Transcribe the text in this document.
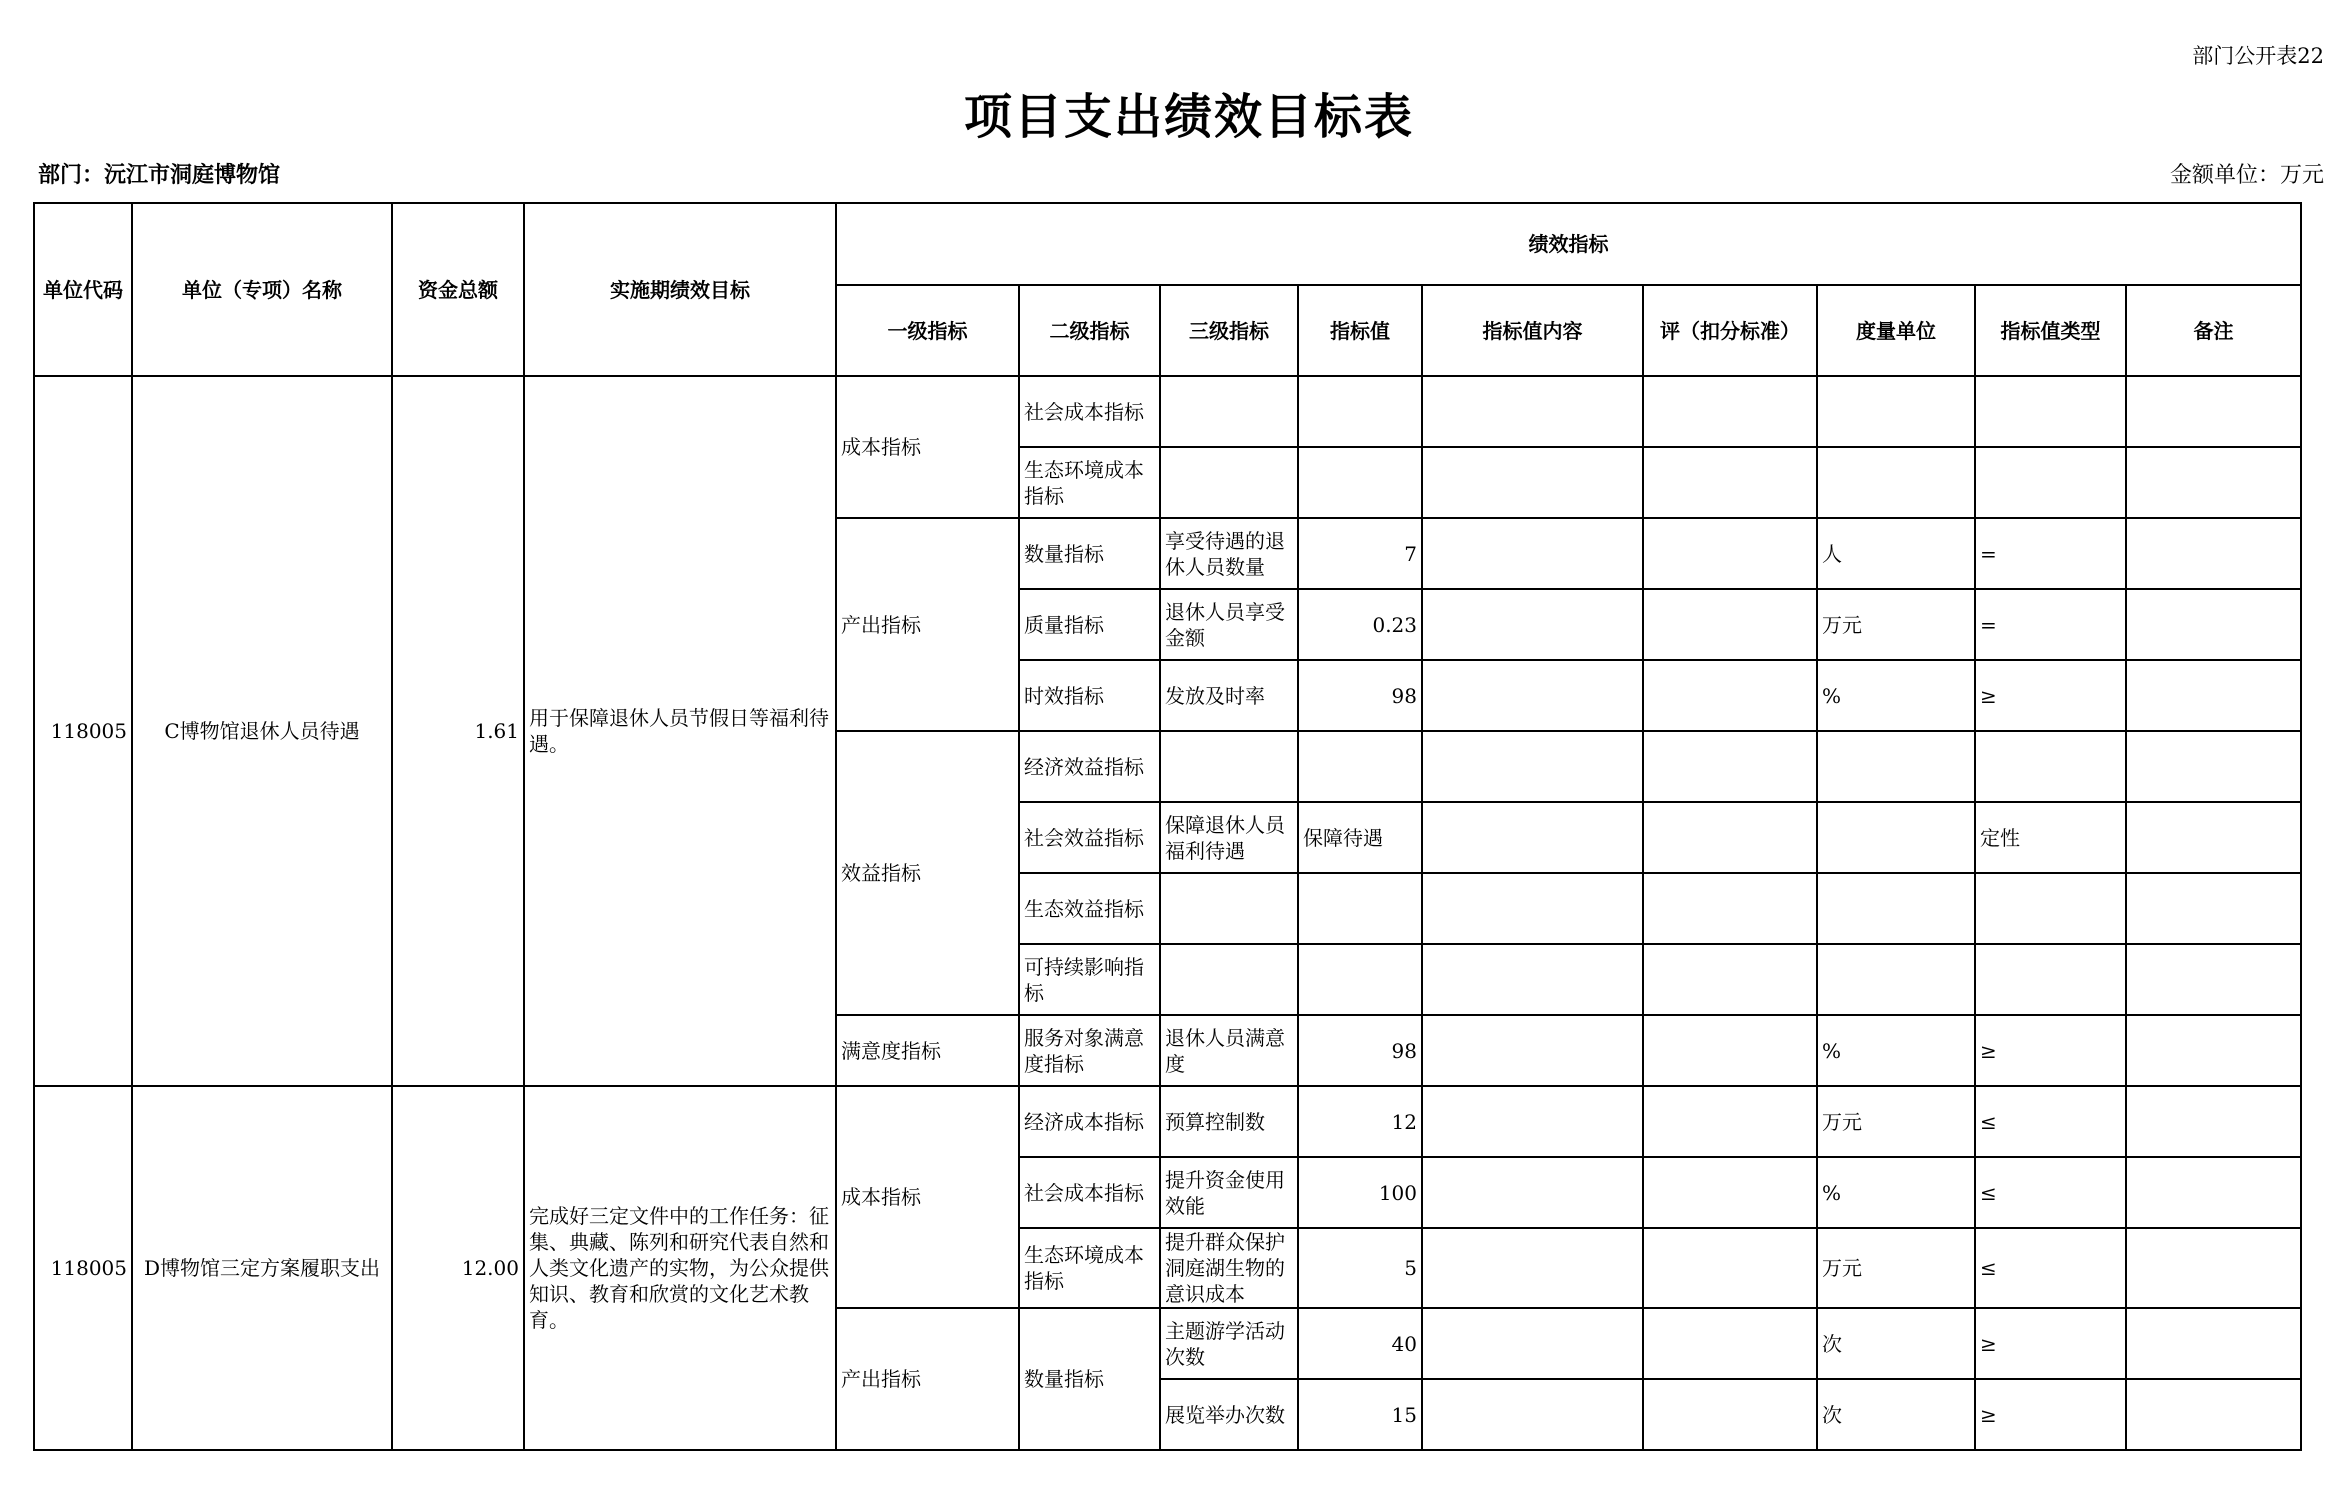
部门公开表22
项目支出绩效目标表
部门：沅江市洞庭博物馆	金额单位：万元
单位代码	单位（专项）名称	资金总额	实施期绩效目标	绩效指标								
				一级指标	二级指标	三级指标	指标值	指标值内容	评（扣分标准）	度量单位	指标值类型	备注
118005	C博物馆退休人员待遇	1.61	用于保障退休人员节假日等福利待遇。	成本指标	社会成本指标							
					生态环境成本指标							
				产出指标	数量指标	享受待遇的退休人员数量	7			人	=	
					质量指标	退休人员享受金额	0.23			万元	=	
					时效指标	发放及时率	98			%	≥	
				效益指标	经济效益指标							
					社会效益指标	保障退休人员福利待遇	保障待遇				定性	
					生态效益指标							
					可持续影响指标							
				满意度指标	服务对象满意度指标	退休人员满意度	98			%	≥	
118005	D博物馆三定方案履职支出	12.00	完成好三定文件中的工作任务：征集、典藏、陈列和研究代表自然和人类文化遗产的实物，为公众提供知识、教育和欣赏的文化艺术教育。	成本指标	经济成本指标	预算控制数	12			万元	≤	
					社会成本指标	提升资金使用效能	100			%	≤	
					生态环境成本指标	提升群众保护洞庭湖生物的意识成本	5			万元	≤	
				产出指标	数量指标	主题游学活动次数	40			次	≥	
						展览举办次数	15			次	≥	
